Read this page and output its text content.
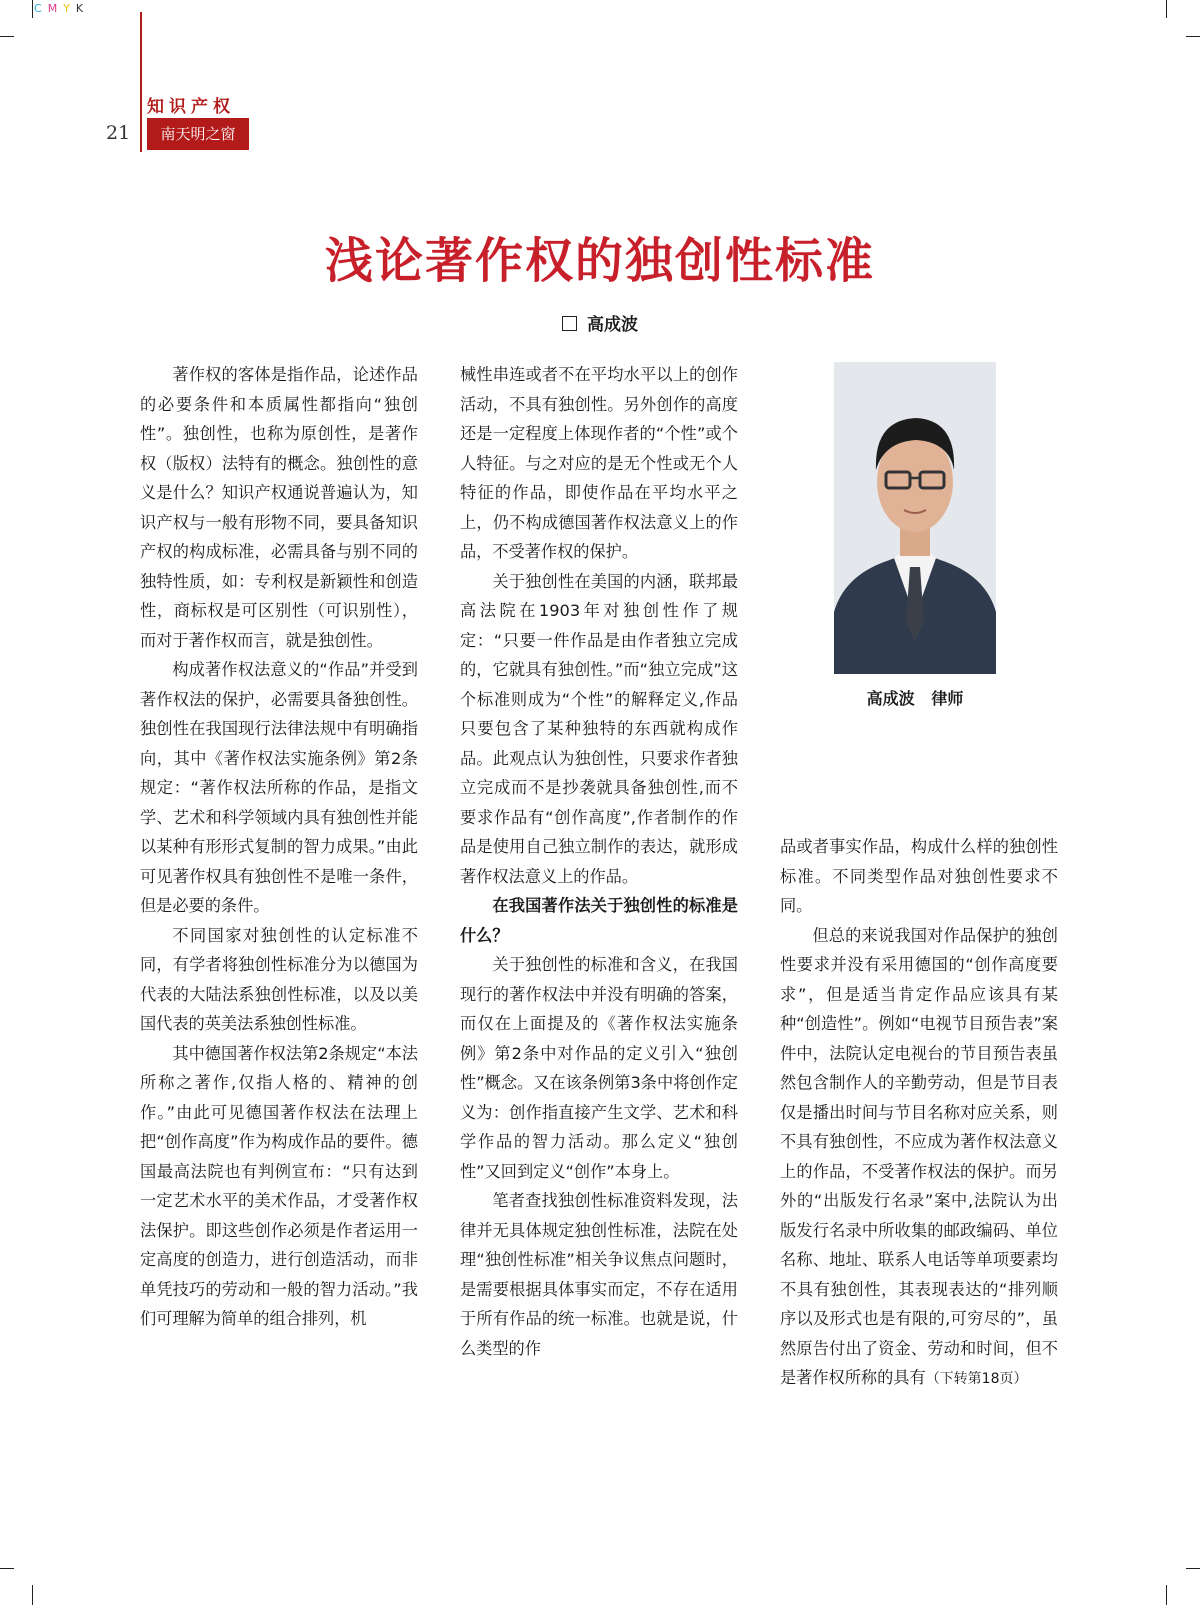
C M Y K
知识产权
21	南天明之窗
浅论著作权的独创性标准
高成波

著作权的客体是指作品，论述作品的必要条件和本质属性都指向“独创性”。独创性，也称为原创性，是著作权（版权）法特有的概念。独创性的意义是什么？知识产权通说普遍认为，知识产权与一般有形物不同，要具备知识产权的构成标准，必需具备与别不同的独特性质，如：专利权是新颖性和创造性，商标权是可区别性（可识别性），而对于著作权而言，就是独创性。

构成著作权法意义的“作品”并受到著作权法的保护，必需要具备独创性。独创性在我国现行法律法规中有明确指向，其中《著作权法实施条例》第2条规定：“著作权法所称的作品，是指文学、艺术和科学领域内具有独创性并能以某种有形形式复制的智力成果。”由此可见著作权具有独创性不是唯一条件，但是必要的条件。

不同国家对独创性的认定标准不同，有学者将独创性标准分为以德国为代表的大陆法系独创性标准，以及以美国代表的英美法系独创性标准。

其中德国著作权法第2条规定“本法所称之著作,仅指人格的、精神的创作。”由此可见德国著作权法在法理上把“创作高度”作为构成作品的要件。德国最高法院也有判例宣布：“只有达到一定艺术水平的美术作品，才受著作权法保护。即这些创作必须是作者运用一定高度的创造力，进行创造活动，而非单凭技巧的劳动和一般的智力活动。”我们可理解为简单的组合排列，机

械性串连或者不在平均水平以上的创作活动，不具有独创性。另外创作的高度还是一定程度上体现作者的“个性”或个人特征。与之对应的是无个性或无个人特征的作品，即使作品在平均水平之上，仍不构成德国著作权法意义上的作品，不受著作权的保护。

关于独创性在美国的内涵，联邦最高法院在1903年对独创性作了规定：“只要一件作品是由作者独立完成的，它就具有独创性。”而“独立完成”这个标准则成为“个性”的解释定义,作品只要包含了某种独特的东西就构成作品。此观点认为独创性，只要求作者独立完成而不是抄袭就具备独创性,而不要求作品有“创作高度”,作者制作的作品是使用自己独立制作的表达，就形成著作权法意义上的作品。

在我国著作法关于独创性的标准是什么？

关于独创性的标准和含义，在我国现行的著作权法中并没有明确的答案，而仅在上面提及的《著作权法实施条例》第2条中对作品的定义引入“独创性”概念。又在该条例第3条中将创作定义为：创作指直接产生文学、艺术和科学作品的智力活动。那么定义“独创性”又回到定义“创作”本身上。

笔者查找独创性标准资料发现，法律并无具体规定独创性标准，法院在处理“独创性标准”相关争议焦点问题时，是需要根据具体事实而定，不存在适用于所有作品的统一标准。也就是说，什么类型的作

高成波 律师

品或者事实作品，构成什么样的独创性标准。不同类型作品对独创性要求不同。

但总的来说我国对作品保护的独创性要求并没有采用德国的“创作高度要求”，但是适当肯定作品应该具有某种“创造性”。例如“电视节目预告表”案件中，法院认定电视台的节目预告表虽然包含制作人的辛勤劳动，但是节目表仅是播出时间与节目名称对应关系，则不具有独创性，不应成为著作权法意义上的作品，不受著作权法的保护。而另外的“出版发行名录”案中,法院认为出版发行名录中所收集的邮政编码、单位名称、地址、联系人电话等单项要素均不具有独创性，其表现表达的“排列顺序以及形式也是有限的,可穷尽的”，虽然原告付出了资金、劳动和时间，但不是著作权所称的具有（下转第18页）
